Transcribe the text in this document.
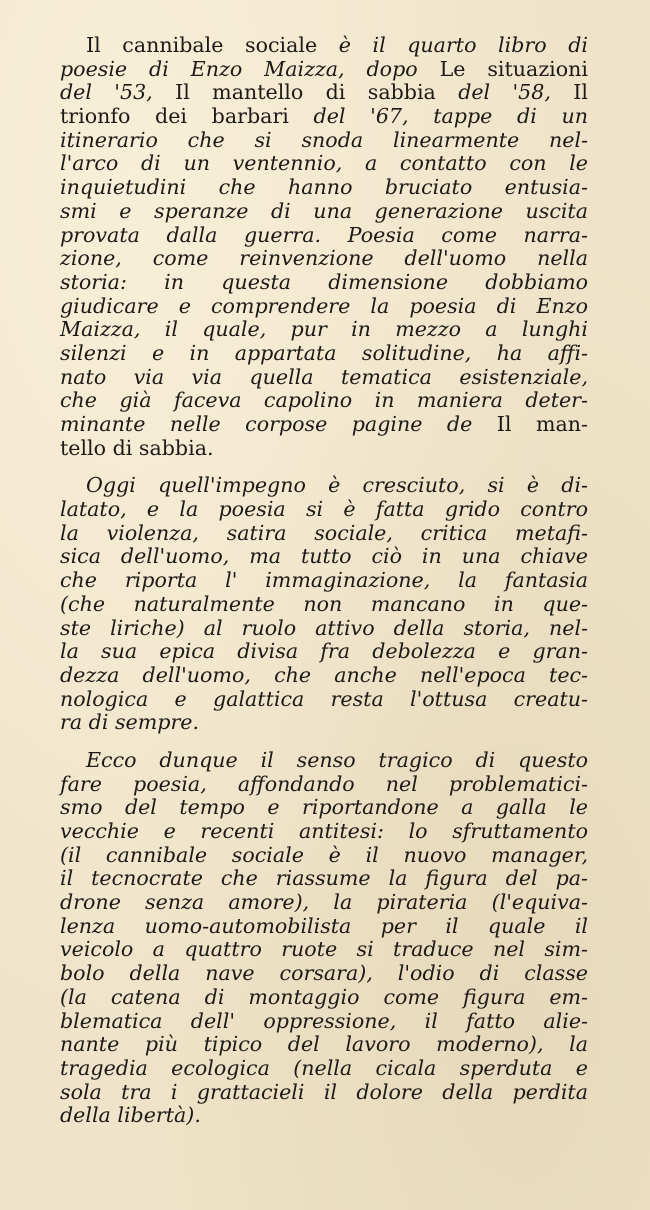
Il cannibale sociale è il quarto libro di
poesie di Enzo Maizza, dopo Le situazioni
del '53, Il mantello di sabbia del '58, Il
trionfo dei barbari del '67, tappe di un
itinerario che si snoda linearmente nel-
l'arco di un ventennio, a contatto con le
inquietudini che hanno bruciato entusia-
smi e speranze di una generazione uscita
provata dalla guerra. Poesia come narra-
zione, come reinvenzione dell'uomo nella
storia: in questa dimensione dobbiamo
giudicare e comprendere la poesia di Enzo
Maizza, il quale, pur in mezzo a lunghi
silenzi e in appartata solitudine, ha affi-
nato via via quella tematica esistenziale,
che già faceva capolino in maniera deter-
minante nelle corpose pagine de Il man-
tello di sabbia.

Oggi quell'impegno è cresciuto, si è di-
latato, e la poesia si è fatta grido contro
la violenza, satira sociale, critica metafi-
sica dell'uomo, ma tutto ciò in una chiave
che riporta l' immaginazione, la fantasia
(che naturalmente non mancano in que-
ste liriche) al ruolo attivo della storia, nel-
la sua epica divisa fra debolezza e gran-
dezza dell'uomo, che anche nell'epoca tec-
nologica e galattica resta l'ottusa creatu-
ra di sempre.

Ecco dunque il senso tragico di questo
fare poesia, affondando nel problematici-
smo del tempo e riportandone a galla le
vecchie e recenti antitesi: lo sfruttamento
(il cannibale sociale è il nuovo manager,
il tecnocrate che riassume la figura del pa-
drone senza amore), la pirateria (l'equiva-
lenza uomo-automobilista per il quale il
veicolo a quattro ruote si traduce nel sim-
bolo della nave corsara), l'odio di classe
(la catena di montaggio come figura em-
blematica dell' oppressione, il fatto alie-
nante più tipico del lavoro moderno), la
tragedia ecologica (nella cicala sperduta e
sola tra i grattacieli il dolore della perdita
della libertà).
